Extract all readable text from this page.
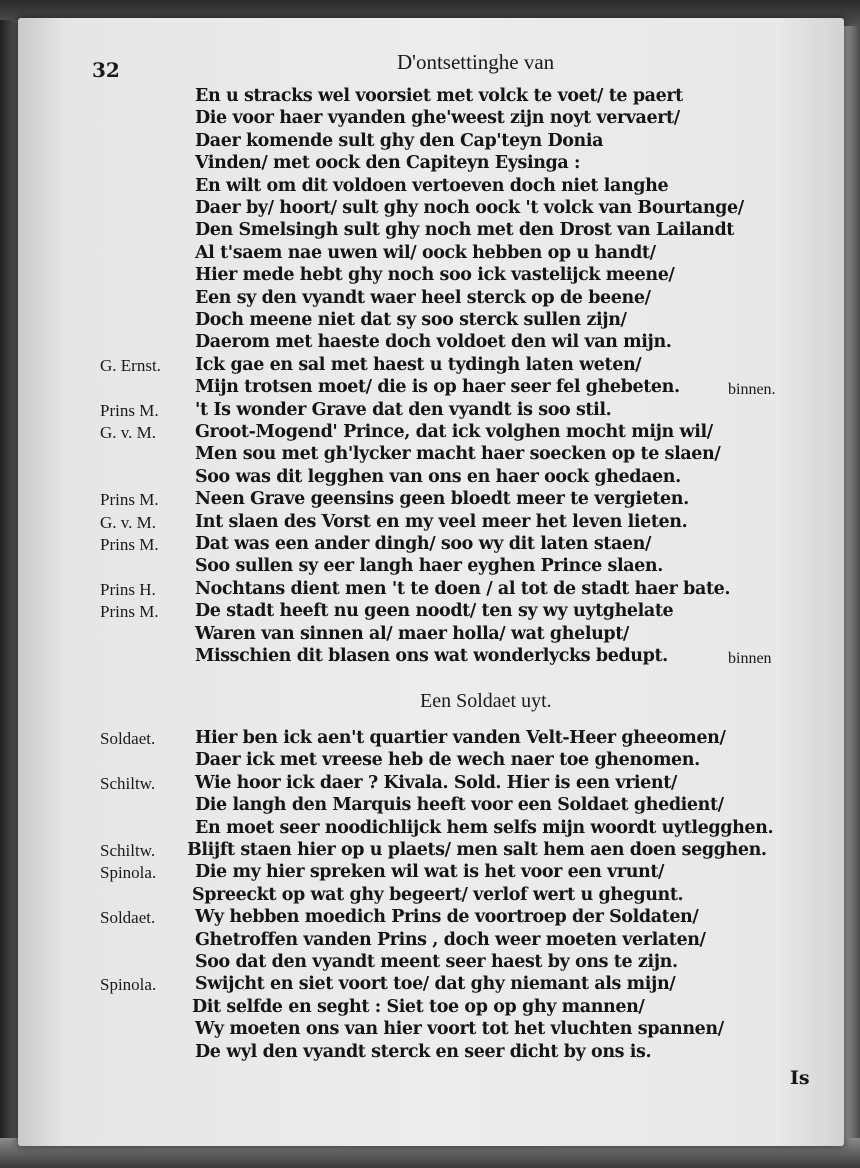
32	D'ontsettinghe van
En u stracks wel voorsiet met volck te voet/ te paert
Die voor haer vyanden ghe'weest zijn noyt vervaert/
Daer komende sult ghy den Cap'teyn Donia
Vinden/ met oock den Capiteyn Eysinga :
En wilt om dit voldoen vertoeven doch niet langhe
Daer by/ hoort/ sult ghy noch oock 't volck van Bourtange/
Den Smelsingh sult ghy noch met den Drost van Lailandt
Al t'saem nae uwen wil/ oock hebben op u handt/
Hier mede hebt ghy noch soo ick vastelijck meene/
Een sy den vyandt waer heel sterck op de beene/
Doch meene niet dat sy soo sterck sullen zijn/
Daerom met haeste doch voldoet den wil van mijn.
Ick gae en sal met haest u tydingh laten weten/
Mijn trotsen moet/ die is op haer seer fel ghebeten.
't Is wonder Grave dat den vyandt is soo stil.
Groot-Mogend' Prince, dat ick volghen mocht mijn wil/
Men sou met gh'lycker macht haer soecken op te slaen/
Soo was dit legghen van ons en haer oock ghedaen.
Neen Grave geensins geen bloedt meer te vergieten.
Int slaen des Vorst en my veel meer het leven lieten.
Dat was een ander dingh/ soo wy dit laten staen/
Soo sullen sy eer langh haer eyghen Prince slaen.
Nochtans dient men 't te doen / al tot de stadt haer bate.
De stadt heeft nu geen noodt/ ten sy wy uytghelate
Waren van sinnen al/ maer holla/ wat ghelupt/
Misschien dit blasen ons wat wonderlycks bedupt.
Hier ben ick aen't quartier vanden Velt-Heer gheeomen/
Daer ick met vreese heb de wech naer toe ghenomen.
Wie hoor ick daer ? Kivala. Sold. Hier is een vrient/
Die langh den Marquis heeft voor een Soldaet ghedient/
En moet seer noodichlijck hem selfs mijn woordt uytlegghen.
Blijft staen hier op u plaets/ men salt hem aen doen segghen.
Die my hier spreken wil wat is het voor een vrunt/
Spreeckt op wat ghy begeert/ verlof wert u ghegunt.
Wy hebben moedich Prins de voortroep der Soldaten/
Ghetroffen vanden Prins , doch weer moeten verlaten/
Soo dat den vyandt meent seer haest by ons te zijn.
Swijcht en siet voort toe/ dat ghy niemant als mijn/
Dit selfde en seght : Siet toe op op ghy mannen/
Wy moeten ons van hier voort tot het vluchten spannen/
De wyl den vyandt sterck en seer dicht by ons is.
G. Ernst.
Prins M.
G. v. M.
Prins M.
G. v. M.
Prins M.
Prins H.
Prins M.
Soldaet.
Schiltw.
Schiltw.
Spinola.
Soldaet.
Spinola.
binnen.
binnen
Een Soldaet uyt.
Is
